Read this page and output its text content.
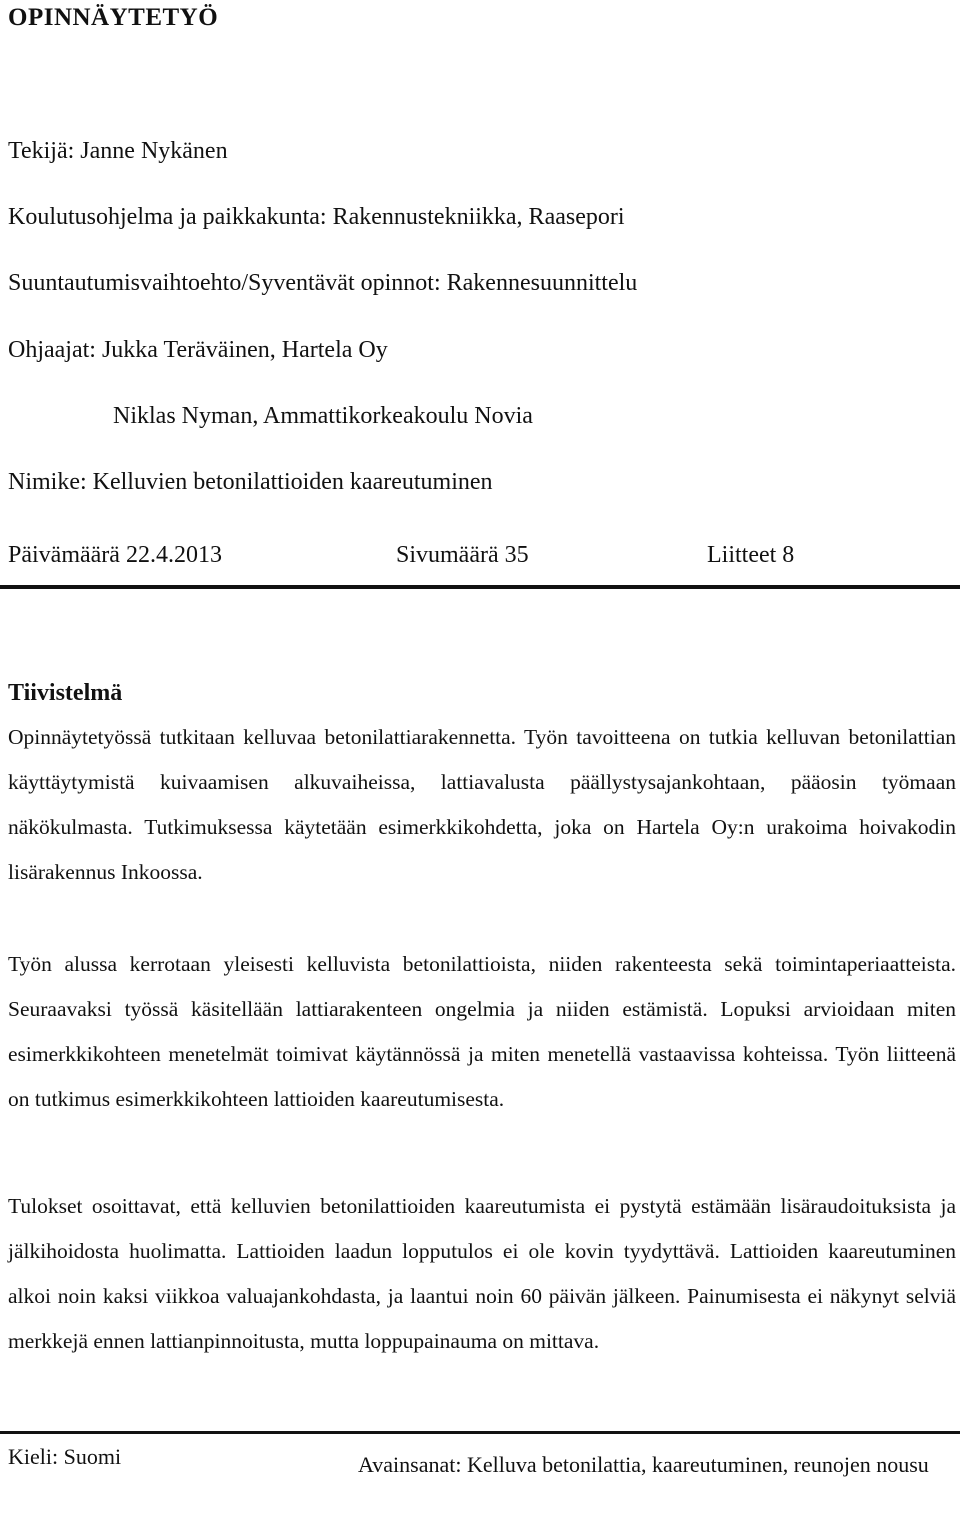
OPINNÄYTETYÖ
Tekijä: Janne Nykänen
Koulutusohjelma ja paikkakunta: Rakennustekniikka, Raasepori
Suuntautumisvaihtoehto/Syventävät opinnot: Rakennesuunnittelu
Ohjaajat: Jukka Teräväinen, Hartela Oy
Niklas Nyman, Ammattikorkeakoulu Novia
Nimike: Kelluvien betonilattioiden kaareutuminen
Päivämäärä 22.4.2013	Sivumäärä 35	Liitteet 8
Tiivistelmä

Opinnäytetyössä tutkitaan kelluvaa betonilattiarakennetta. Työn tavoitteena on tutkia kelluvan betonilattian käyttäytymistä kuivaamisen alkuvaiheissa, lattiavalusta päällystysajankohtaan, pääosin työmaan näkökulmasta. Tutkimuksessa käytetään esimerkkikohdetta, joka on Hartela Oy:n urakoima hoivakodin lisärakennus Inkoossa.

Työn alussa kerrotaan yleisesti kelluvista betonilattioista, niiden rakenteesta sekä toimintaperiaatteista. Seuraavaksi työssä käsitellään lattiarakenteen ongelmia ja niiden estämistä. Lopuksi arvioidaan miten esimerkkikohteen menetelmät toimivat käytännössä ja miten menetellä vastaavissa kohteissa. Työn liitteenä on tutkimus esimerkkikohteen lattioiden kaareutumisesta.

Tulokset osoittavat, että kelluvien betonilattioiden kaareutumista ei pystytä estämään lisäraudoituksista ja jälkihoidosta huolimatta. Lattioiden laadun lopputulos ei ole kovin tyydyttävä. Lattioiden kaareutuminen alkoi noin kaksi viikkoa valuajankohdasta, ja laantui noin 60 päivän jälkeen. Painumisesta ei näkynyt selviä merkkejä ennen lattianpinnoitusta, mutta loppupainauma on mittava.

Kieli: Suomi	Avainsanat: Kelluva betonilattia, kaareutuminen, reunojen nousu
